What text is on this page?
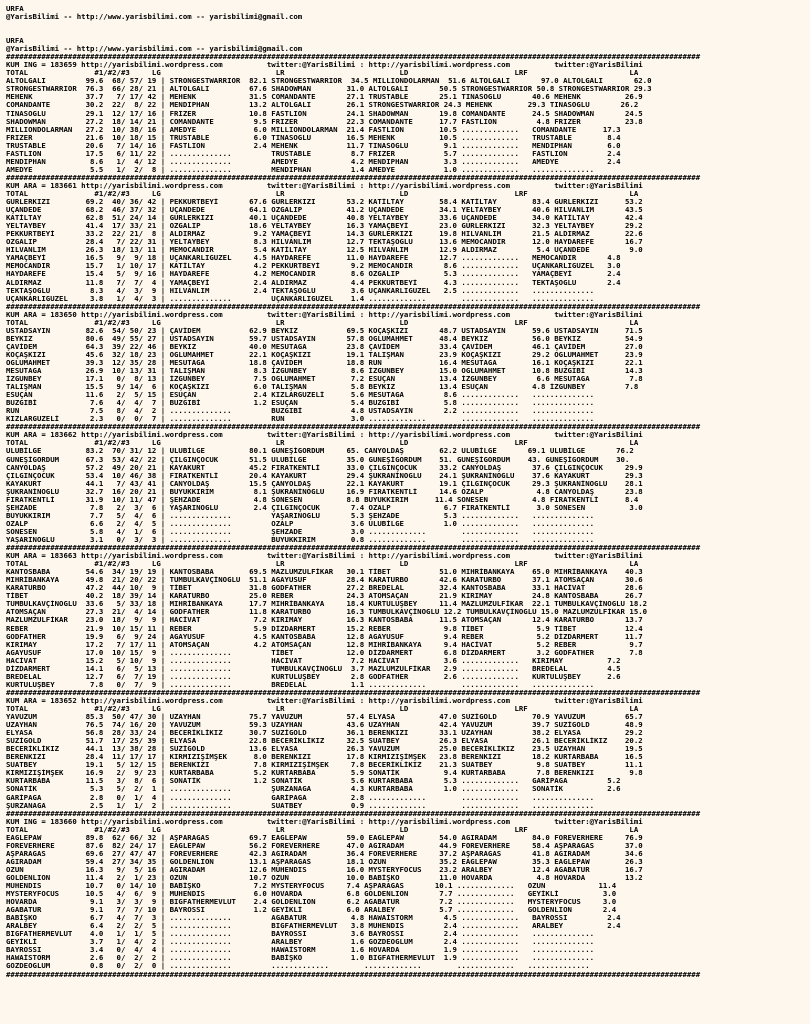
URFA
@YarisBilimi -- http://www.yarisbilimi.com -- yarisbilimi@gmail.com
URFA
@YarisBilimi -- http://www.yarisbilimi.com -- yarisbilimi@gmail.com
#############################################################################################################################################################
KUM ING = 183659 http://yarisbilimi.wordpress.com          twitter:@YarisBilimi : http://yarisbilimi.wordpress.com          twitter:@YarisBilimi
TOTAL               #1/#2/#3     LG                          LR                          LD                        LRF                       LA
ALTOLGALI         99.6  68/ 57/ 19 | STRONGESTWARRIOR  82.1 STRONGESTWARRIOR  34.5 MILLIONDOLARMAN  51.6 ALTOLGALI       97.0 ALTOLGALI       62.0
STRONGESTWARRIOR  76.3  66/ 28/ 21 | ALTOLGALI         67.6 SHADOWMAN        31.0 ALTOLGALI       50.5 STRONGESTWARRIOR 50.8 STRONGESTWARRIOR 29.3
MEHENK            37.7   7/ 17/ 42 | MEHENK            31.5 COMANDANTE       27.1 TRUSTABLE       25.1 TINASOĞLU       40.6 MEHENK          26.9
COMANDANTE        30.2  22/  8/ 22 | MENDIPHAN         13.2 ALTOLGALI        26.1 STRONGESTWARRIOR 24.3 MEHENK        29.3 TINASOĞLU       26.2
TINASOĞLU         29.1  12/ 17/ 16 | FRIZER            10.8 FASTLION         24.1 SHADOWMAN       19.8 COMANDANTE      24.5 SHADOWMAN       24.5
SHADOWMAN         27.2  18/ 14/ 21 | COMANDANTE         9.5 FRIZER           22.3 COMANDANTE      17.7 FASTLION         4.8 FRIZER          23.8
MILLIONDOLARMAN   27.2  10/ 38/ 16 | AMEDYE             6.0 MILLIONDOLARMAN  21.4 FASTLION        10.5 .............   COMANDANTE      17.3
FRIZER            21.6  10/ 18/ 15 | TRUSTABLE          6.0 TINASOĞLU        16.5 MEHENK          10.5 .............   TRUSTABLE        8.4
TRUSTABLE         20.6   7/ 14/ 16 | FASTLION           2.4 MEHENK           11.7 TINASOĞLU        9.1 .............   MENDIPHAN        6.0
FASTLION          17.5   6/ 11/ 22 | ..............         TRUSTABLE         8.7 FRIZER           5.7 .............   FASTLION         2.4
MENDIPHAN          8.6   1/  4/ 12 | ..............         AMEDYE            4.2 MENDIPHAN        3.3 .............   AMEDYE           2.4
AMEDYE             5.5   1/  2/  8 | ..............         MENDIPHAN         1.4 AMEDYE           1.0 .............   ..............
#############################################################################################################################################################
KUM ARA = 183661 http://yarisbilimi.wordpress.com          twitter:@YarisBilimi : http://yarisbilimi.wordpress.com          twitter:@YarisBilimi
TOTAL               #1/#2/#3     LG                          LR                          LD                        LRF                       LA
GÜRLERKIZI        69.2  40/ 36/ 42 | PEKKURTBEYİ       67.6 GÜRLERKIZI       53.2 KATİLTAY        58.4 KATİLTAY        83.4 GÜRLERKIZI      53.2
UÇANDEDE          68.2  46/ 37/ 32 | UÇANDEDE          64.1 ÖZGALIP          41.2 UÇANDEDE        34.1 YELTAYBEY       40.6 HILVANLIM       43.5
KATİLTAY          62.8  51/ 24/ 14 | GÜRLERKIZI        40.1 UÇANDEDE         40.8 YELTAYBEY       33.6 UÇANDEDE        34.0 KATİLTAY        42.4
YELTAYBEY         41.4  17/ 33/ 21 | ÖZGALIP           18.6 YELTAYBEY        16.3 YAMAÇBEYİ       23.0 GÜRLERKIZI      32.3 YELTAYBEY       29.2
PEKKURTBEYİ       33.2  22/ 21/  8 | ALDIRMAZ           9.2 YAMAÇBEYİ        14.3 GÜRLERKIZI      19.8 HILVANLIM       21.5 ALDIRMAZ        22.6
ÖZGALIP           28.4   7/ 22/ 31 | YELTAYBEY          8.3 HILVANLIM        12.7 TEKTAŞOĞLU      13.6 MEMOCANDIR      12.0 HAYDAREFE       16.7
HILVANLIM         26.3  18/ 13/ 11 | MEMOCANDIR         5.4 KATİLTAY         12.5 HILVANLIM       12.9 ALDIRMAZ         5.4 UÇANDEDE         9.0
YAMAÇBEYİ         16.5   9/  9/ 18 | UÇANKARLIGÜZEL     4.5 HAYDAREFE        11.0 HAYDAREFE       12.7 .............   MEMOCANDIR       4.8
MEMOCANDIR        15.7   1/ 10/ 17 | KATİLTAY           4.2 PEKKURTBEYİ       9.2 MEMOCANDIR       8.6 .............   UÇANKARLIGÜZEL   3.0
HAYDAREFE         15.4   5/  9/ 16 | HAYDAREFE          4.2 MEMOCANDIR        8.6 ÖZGALIP          5.3 .............   YAMAÇBEYİ        2.4
ALDIRMAZ          11.8   7/  7/  4 | YAMAÇBEYİ          2.4 ALDIRMAZ          4.4 PEKKURTBEYİ      4.3 .............   TEKTAŞOĞLU       2.4
TEKTAŞOĞLU         8.3   4/  3/  9 | HILVANLIM          2.4 TEKTAŞOĞLU        3.6 UÇANKARLIGÜZEL   2.5 .............   ..............
UÇANKARLIGÜZEL     3.8   1/  4/  3 | ..............         UÇANKARLIGÜZEL    1.4 .............        .............   ..............
#############################################################################################################################################################
KUM ARA = 183650 http://yarisbilimi.wordpress.com          twitter:@YarisBilimi : http://yarisbilimi.wordpress.com          twitter:@YarisBilimi
TOTAL               #1/#2/#3     LG                          LR                          LD                        LRF                       LA
ÜSTADSAYIN        82.6  54/ 50/ 23 | ÇAVİDEM           62.9 BEYKIZ           69.5 KOÇAŞKIZI       48.7 ÜSTADSAYIN      59.6 ÜSTADSAYIN      71.5
BEYKIZ            80.6  49/ 55/ 27 | ÜSTADSAYIN        59.7 ÜSTADSAYIN       57.8 OĞLUMAHMET      48.4 BEYKIZ          56.0 BEYKIZ          54.9
ÇAVİDEM           64.3  39/ 22/ 46 | BEYKIZ            40.0 MESUTAĞA         23.8 ÇAVİDEM         33.4 ÇAVİDEM         46.1 ÇAVİDEM         27.0
KOÇAŞKIZI         45.6  32/ 18/ 23 | OĞLUMAHMET        22.1 KOÇAŞKIZI        19.1 TALIŞMAN        23.9 KOÇAŞKIZI       29.2 OĞLUMAHMET      23.9
OĞLUMAHMET        39.3  12/ 35/ 28 | MESUTAĞA          18.8 ÇAVİDEM          18.8 RUN             16.4 MESUTAĞA        16.1 KOÇAŞKIZI       22.1
MESUTAĞA          26.9  10/ 13/ 31 | TALIŞMAN           8.3 İZGÜNBEY          8.6 İZGÜNBEY        15.0 OĞLUMAHMET      10.8 BUZĞIBİ         14.3
İZGÜNBEY          17.1   0/  8/ 13 | İZGÜNBEY           7.5 OĞLUMAHMET        7.2 ESUÇAN          13.4 İZGÜNBEY         6.6 MESUTAĞA         7.8
TALIŞMAN          15.5   9/ 14/  6 | KOÇAŞKIZI          6.0 TALIŞMAN          5.8 BEYKIZ          13.4 ESUÇAN          4.8 İZGÜNBEY         7.8
ESUÇAN            11.6   2/  5/ 15 | ESUÇAN             2.4 KIZLARGÜZELİ      5.6 MESUTAĞA         8.6 .............   ..............
BUZĞIBİ            7.6   4/  4/  7 | BUZĞIBİ            1.2 ESUÇAN            5.4 BUZĞIBİ          5.8 .............   ..............
RUN                7.5   8/  4/  2 | ..............         BUZĞIBİ           4.8 ÜSTADSAYIN       2.2 .............   ..............
KIZLARGÜZELİ       2.3   0/  0/  7 | ..............         RUN               3.0 .............        .............   ..............
#############################################################################################################################################################
KUM ARA = 183662 http://yarisbilimi.wordpress.com          twitter:@YarisBilimi : http://yarisbilimi.wordpress.com          twitter:@YarisBilimi
TOTAL               #1/#2/#3     LG                          LR                          LD                        LRF                       LA
ULUBİLGE          83.2  70/ 31/ 12 | ULUBİLGE          80.1 GÜNEŞİGÖRDÜM     65. CANYOLDAŞ        62.2 ULUBİLGE       69.1 ULUBİLGE       76.2
GÜNEŞİGÖRDÜM      67.3  53/ 42/ 22 | ÇILGINÇOCUK       51.5 ULUBİLGE         35.0 GÜNEŞİGÖRDÜM    51. GÜNEŞİGÖRDÜM    43. GÜNEŞİGÖRDÜM    30.
CANYOLDAŞ         57.2  49/ 20/ 21 | KAYAKURT          45.2 FIRATKENTLİ      33.0 ÇILGINÇOCUK     33.2 CANYOLDAŞ       37.6 ÇILGINÇOCUK     29.9
ÇILGINÇOCUK       53.4  10/ 46/ 38 | FIRATKENTLİ       20.4 KAYAKURT         29.4 ŞÜKRANİNOĞLU    24.1 ŞÜKRANİNOĞLU    37.6 KAYAKURT        29.3
KAYAKURT          44.1   7/ 43/ 41 | CANYOLDAŞ         15.5 ÇANYOLDAŞ        22.1 KAYAKURT        19.1 ÇILGINÇOCUK     29.3 ŞÜKRANİNOĞLU    28.1
ŞÜKRANİNOĞLU      32.7  16/ 20/ 21 | BÜYÜKKIRIM         8.1 ŞÜKRANİNOĞLU     16.9 FIRATKENTLİ     14.6 ÖZALP            4.8 CANYOLDAŞ       23.8
FIRATKENTLİ       31.9  10/ 11/ 47 | ŞEHZADE            4.8 SONESEN          8.8 BÜYÜKKIRIM      11.4 SONESEN          4.8 FIRATKENTLİ      8.4
ŞEHZADE            7.8   2/  3/  6 | YAŞARINOĞLU        2.4 ÇILGINÇOCUK       7.4 ÖZALP            6.7 FIRATKENTLİ      3.0 SONESEN          3.0
BÜYÜKKIRIM         7.7   5/  4/  6 | ..............         YAŞARINOĞLU       5.3 ŞEHZADE          5.3 .............   ..............
ÖZALP              6.6   2/  4/  5 | ..............         ÖZALP             3.6 ULUBİLGE         1.0 .............   ..............
SONESEN            5.8   4/  1/  6 | ..............         ŞEHZADE           3.0 .............        .............   ..............
YAŞARINOĞLU        3.1   0/  3/  3 | ..............         BÜYÜKKIRIM        0.8 .............        .............   ..............
#############################################################################################################################################################
KUM ARA = 183663 http://yarisbilimi.wordpress.com          twitter:@YarisBilimi : http://yarisbilimi.wordpress.com          twitter:@YarisBilimi
TOTAL               #1/#2/#3     LG                          LR                          LD                        LRF                       LA
KANTOSBABA        54.6  34/ 19/ 19 | KANTOSBABA        69.5 MAZLUMZÜLFİKAR   30.1 TİBET           51.0 MIHRİBANKAYA    65.0 MIHRİBANKAYA    40.3
MIHRİBANKAYA      49.8  21/ 20/ 22 | TUMBULKAVÇİNOĞLU  51.1 AGAYUSUF         28.4 KARATURBO       42.6 KARATURBO       37.1 ATOMSAÇAN       30.6
KARATURBO         47.2  44/ 10/  9 | TİBET             31.8 GODFATHER        27.2 BREDELAL        32.4 KANTOSBABA      33.1 HACİVAT         28.6
TİBET             40.2  18/ 39/ 14 | KARATURBO         25.0 REBER            24.3 ATOMSAÇAN       21.9 KIRIMAY         24.8 KANTOSBABA      26.7
TUMBULKAVÇİNOĞLU  33.6   5/ 33/ 18 | MIHRİBANKAYA      17.7 MIHRİBANKAYA     18.4 KURTULUŞBEY     11.4 MAZLUMZÜLFİKAR  22.1 TUMBULKAVÇİNOĞLU 18.2
ATOMSAÇAN         27.3  21/  4/ 14 | GODFATHER         11.8 KARATURBO        16.3 TUMBULKAVÇİNOĞLU 12.2 TUMBULKAVÇİNOĞLU 15.0 MAZLUMZÜLFİKAR 15.0
MAZLUMZÜLFİKAR    23.0  18/  9/  9 | HACİVAT            7.2 KIRIMAY          16.3 KANTOSBABA      11.5 ATOMSAÇAN       12.4 KARATURBO       13.7
REBER             21.9  10/ 15/ 11 | REBER              5.9 DİZDARMERT       15.2 REBER            9.8 TİBET            5.9 TİBET           12.4
GODFATHER         19.9   6/  9/ 24 | AGAYUSUF           4.5 KANTOSBABA       12.8 AGAYUSUF         9.4 REBER            5.2 DİZDARMERT      11.7
KIRIMAY           17.2   7/ 17/ 11 | ATOMSAÇAN          4.2 ATOMSAÇAN        12.8 MIHRİBANKAYA     9.4 HACİVAT          5.2 REBER            9.7
AGAYUSUF          17.0  10/ 15/  9 | ..............         TİBET            12.0 DİZDARMERT       6.8 DİZDARMERT       3.2 GODFATHER        7.8
HACİVAT           15.2   5/ 10/  9 | ..............         HACİVAT           7.2 HACİVAT          3.6 .............   KIRIMAY          7.2
DİZDARMERT        14.1   6/  5/ 13 | ..............         TUMBULKAVÇİNOĞLU  3.7 MAZLUMZÜLFİKAR   2.9 .............   BREDELAL         4.5
BREDELAL          12.7   6/  7/ 19 | ..............         KURTULUŞBEY       2.8 GODFATHER        2.6 .............   KURTULUŞBEY      2.6
KURTULUŞBEY        7.8   0/  7/  9 | ..............         BREDELAL          1.1 .............        .............   ..............
#############################################################################################################################################################
KUM ARA = 183652 http://yarisbilimi.wordpress.com          twitter:@YarisBilimi : http://yarisbilimi.wordpress.com          twitter:@YarisBilimi
TOTAL               #1/#2/#3     LG                          LR                          LD                        LRF                       LA
YAVUZUM           85.3  50/ 47/ 30 | UZAYHAN           75.7 YAVUZUM          57.4 ELYASA          47.0 SUZİGOLD        70.9 YAVUZUM         65.7
UZAYHAN           76.5  74/ 16/ 20 | YAVUZUM           59.3 UZAYHAN          43.6 UZAYHAN         42.4 YAVUZUM         39.7 SUZİGOLD        48.9
ELYASA            56.8  28/ 33/ 24 | BECERİKLİKIZ      30.7 SUZİGOLD         36.1 BERENKIZI       33.1 UZAYHAN         38.2 ELYASA          29.2
SUZİGOLD          51.7  17/ 25/ 39 | ELYASA            22.8 BECERİKLİKIZ     32.5 SUATBEY         26.3 ELYASA          26.1 BECERİKLİKIZ    20.2
BECERİKLİKIZ      44.1  13/ 38/ 28 | SUZİGOLD          13.6 ELYASA           26.3 YAVUZUM         25.0 BECERİKLİKIZ    23.5 UZAYHAN         19.5
BERENKIZI         28.4  11/ 17/ 17 | KIRMIZIŞİMŞEK      8.0 BERENKIZI        17.8 KIRMIZIŞİMŞEK   23.8 BERENKIZI       18.2 KURTARBABA      16.5
SUATBEY           19.1   5/ 12/ 15 | BERENKIZI          7.8 KIRMIZIŞİMŞEK     7.8 BECERİKLİKIZ    21.3 SUATBEY          9.8 SUATBEY         11.1
KIRMIZIŞİMŞEK     16.9   2/  9/ 23 | KURTARBABA         5.2 KURTARBABA        5.9 SONATİK          9.4 KURTARBABA       7.8 BERENKIZI        9.8
KURTARBABA        11.5   3/  8/  6 | SONATİK            1.2 SONATİK           5.6 KURTARBABA       5.3 .............   GARİPAĞA         5.2
SONATİK            5.3   5/  2/  1 | ..............         ŞURZANAĞA         4.3 KURTARBABA       1.0 .............   SONATİK          2.6
GARİPAĞA           2.8   0/  1/  4 | ..............         GARİPAĞA          2.8 .............        .............   ..............
ŞURZANAĞA          2.5   1/  1/  2 | ..............         SUATBEY           0.9 .............        .............   ..............
#############################################################################################################################################################
KUM ING = 183660 http://yarisbilimi.wordpress.com          twitter:@YarisBilimi : http://yarisbilimi.wordpress.com          twitter:@YarisBilimi
TOTAL               #1/#2/#3     LG                          LR                          LD                        LRF                       LA
EAGLEPAW          89.8  62/ 66/ 32 | AŞPARAGAS         69.7 EAGLEPAW         59.0 EAGLEPAW        54.0 AĞIRADAM        84.0 FOREVERHERE     76.9
FOREVERHERE       87.6  82/ 24/ 17 | EAGLEPAW          56.2 FOREVERHERE      47.0 AĞIRADAM        44.9 FOREVERHERE     58.4 AŞPARAGAS       37.0
AŞPARAGAS         69.6  27/ 47/ 47 | FOREVERHERE       42.3 AĞIRADAM         36.4 FOREVERHERE     37.2 AŞPARAGAS       41.8 AĞIRADAM        34.6
AĞIRADAM          59.4  27/ 34/ 35 | GOLDENLION        13.1 AŞPARAGAS        18.1 ÖZUN            35.2 EAGLEPAW        35.3 EAGLEPAW        26.3
ÖZUN              16.3   9/  5/ 16 | AĞIRADAM          12.6 MUHENDIS         16.0 MYSTERYFOCUS    23.2 ARALBEY         12.4 AĞABATUR        16.7
GOLDENLION        11.4   2/  1/ 23 | ÖZUN              10.7 ÖZUN             10.0 BABİŞKO         11.0 HOVARDA          4.8 HOVARDA         13.2
MUHENDIS          10.7   0/ 14/ 10 | BABİŞKO            7.2 MYSTERYFOCUS     7.4 AŞPARAGAS       10.1 .............   ÖZUN            11.4
MYSTERYFOCUS      10.5   4/  6/  9 | MUHENDIS           6.0 HOVARDA          6.8 GOLDENLION       7.7 .............   GEYİKLİ          3.0
HOVARDA            9.1   3/  3/  9 | BIGFATHERMEVLÜT    2.4 GOLDENLION       6.2 AĞABATUR         7.2 .............   MYSTERYFOCUS     3.0
AĞABATUR           9.1   7/  7/ 10 | BAYROSSI           1.2 GEYİKLİ          6.0 ARALBEY          5.7 .............   GOLDENLION       2.4
BABİŞKO            6.7   4/  7/  3 | ..............         AĞABATUR          4.8 HAWAİSTORM       4.5 .............   BAYROSSI         2.4
ARALBEY            6.4   2/  2/  5 | ..............         BIGFATHERMEVLÜT   3.8 MUHENDIS         2.4 .............   ARALBEY          2.4
BIGFATHERMEVLÜT    4.0   1/  1/  5 | ..............         BAYROSSI          3.6 BAYROSSI         2.4 .............   ..............
GEYİKLİ            3.7   1/  4/  2 | ..............         ARALBEY           1.6 GOZDEOGLUM       2.4 .............   ..............
BAYROSSI           3.4   0/  4/  4 | ..............         HAWAİSTORM        1.6 HOVARDA          1.9 .............   ..............
HAWAİSTORM         2.6   0/  2/  2 | ..............         BABİŞKO           1.0 BIGFATHERMEVLÜT  1.9 .............   ..............
GOZDEOGLUM         0.8   0/  2/  0 | ..............         .............        .............        .............   ..............
#############################################################################################################################################################
